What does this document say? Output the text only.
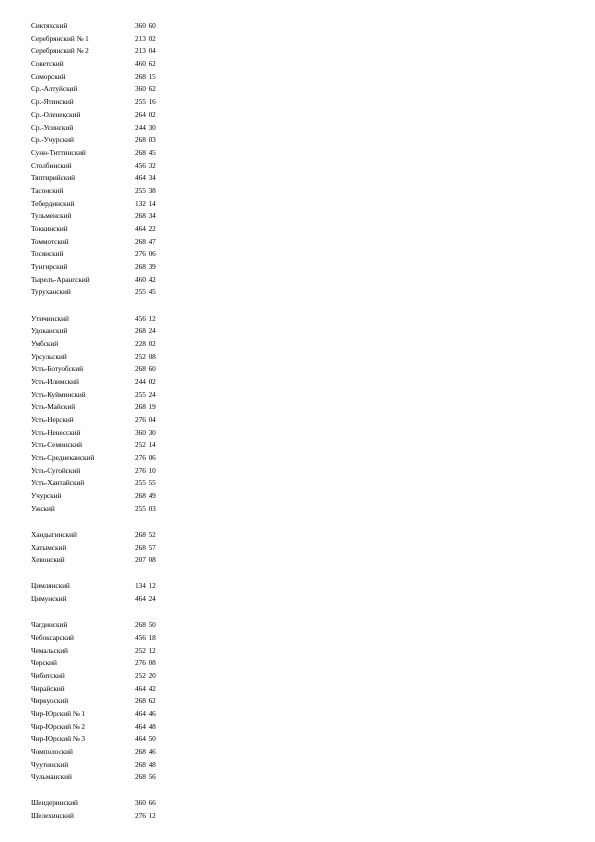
Сиктяхский	360 60
Серебрянский № 1	213 02
Серебрянский № 2	213 04
Советский	460 62
Соморский	268 15
Ср.-Алтуйский	360 62
Ср.-Ятинский	255 16
Ср.-Оленекский	264 02
Ср.-Усинский	244 30
Ср.-Учурский	268 03
Сунн-Титтинский	268 45
Столбинский	456 32
Тяптирийский	464 34
Тасонский	255 38
Тебердинский	132 14
Тульменский	268 34
Токкинский	464 22
Томмотский	268 47
Тосянский	276 06
Тунгирский	268 39
Тырелъ-Арангский	460 42
Туруханский	255 45
Утичинский	456 12
Удоканский	268 24
Умбский	228 02
Урсульский	252 08
Усть-Ботуобский	268 60
Усть-Илимский	244 02
Усть-Куйминский	255 24
Усть-Майский	268 19
Усть-Нерский	276 04
Усть-Ненесский	360 30
Усть-Семинский	252 14
Усть-Среднеканский	276 06
Усть-Сугойский	276 10
Усть-Хантайский	255 55
Учурский	268 49
Ужский	255 03
Хандыгинский	268 52
Хатымский	268 57
Хевонский	207 08
Цимлянский	134 12
Цимунский	464 24
Чагдинский	268 50
Чебоксарский	456 18
Чемальский	252 12
Черский	276 08
Чибитский	252 20
Чирайский	464 42
Чиркуоский	268 62
Чир-Юрский № 1	464 46
Чир-Юрский № 2	464 48
Чир-Юрский № 3	464 50
Чомполоский	268 46
Чуутинский	268 48
Чульманский	268 56
Шендеринский	360 66
Шелехинский	276 12
